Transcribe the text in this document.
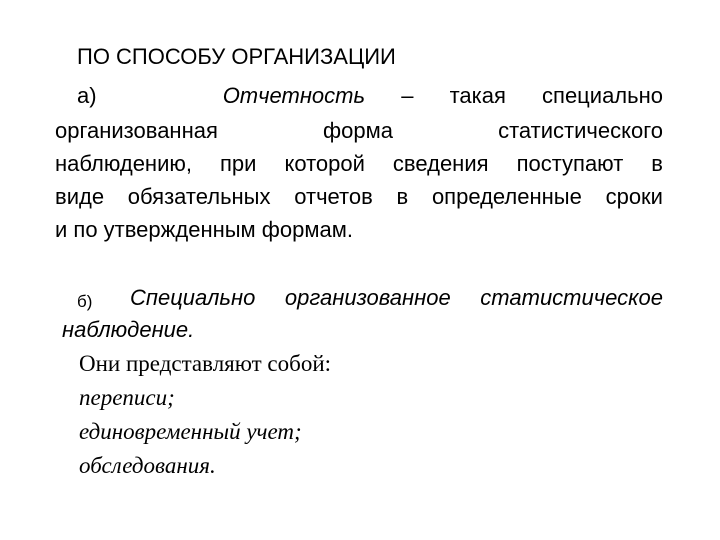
ПО СПОСОБУ ОРГАНИЗАЦИИ
а)	Отчетность – такая специально
организованная	форма	статистического
наблюдению, при которой сведения поступают в
виде обязательных отчетов в определенные сроки
и по утвержденным формам.
б) Специально организованное статистическое
наблюдение.
Они представляют собой:
переписи;
единовременный учет;
обследования.
